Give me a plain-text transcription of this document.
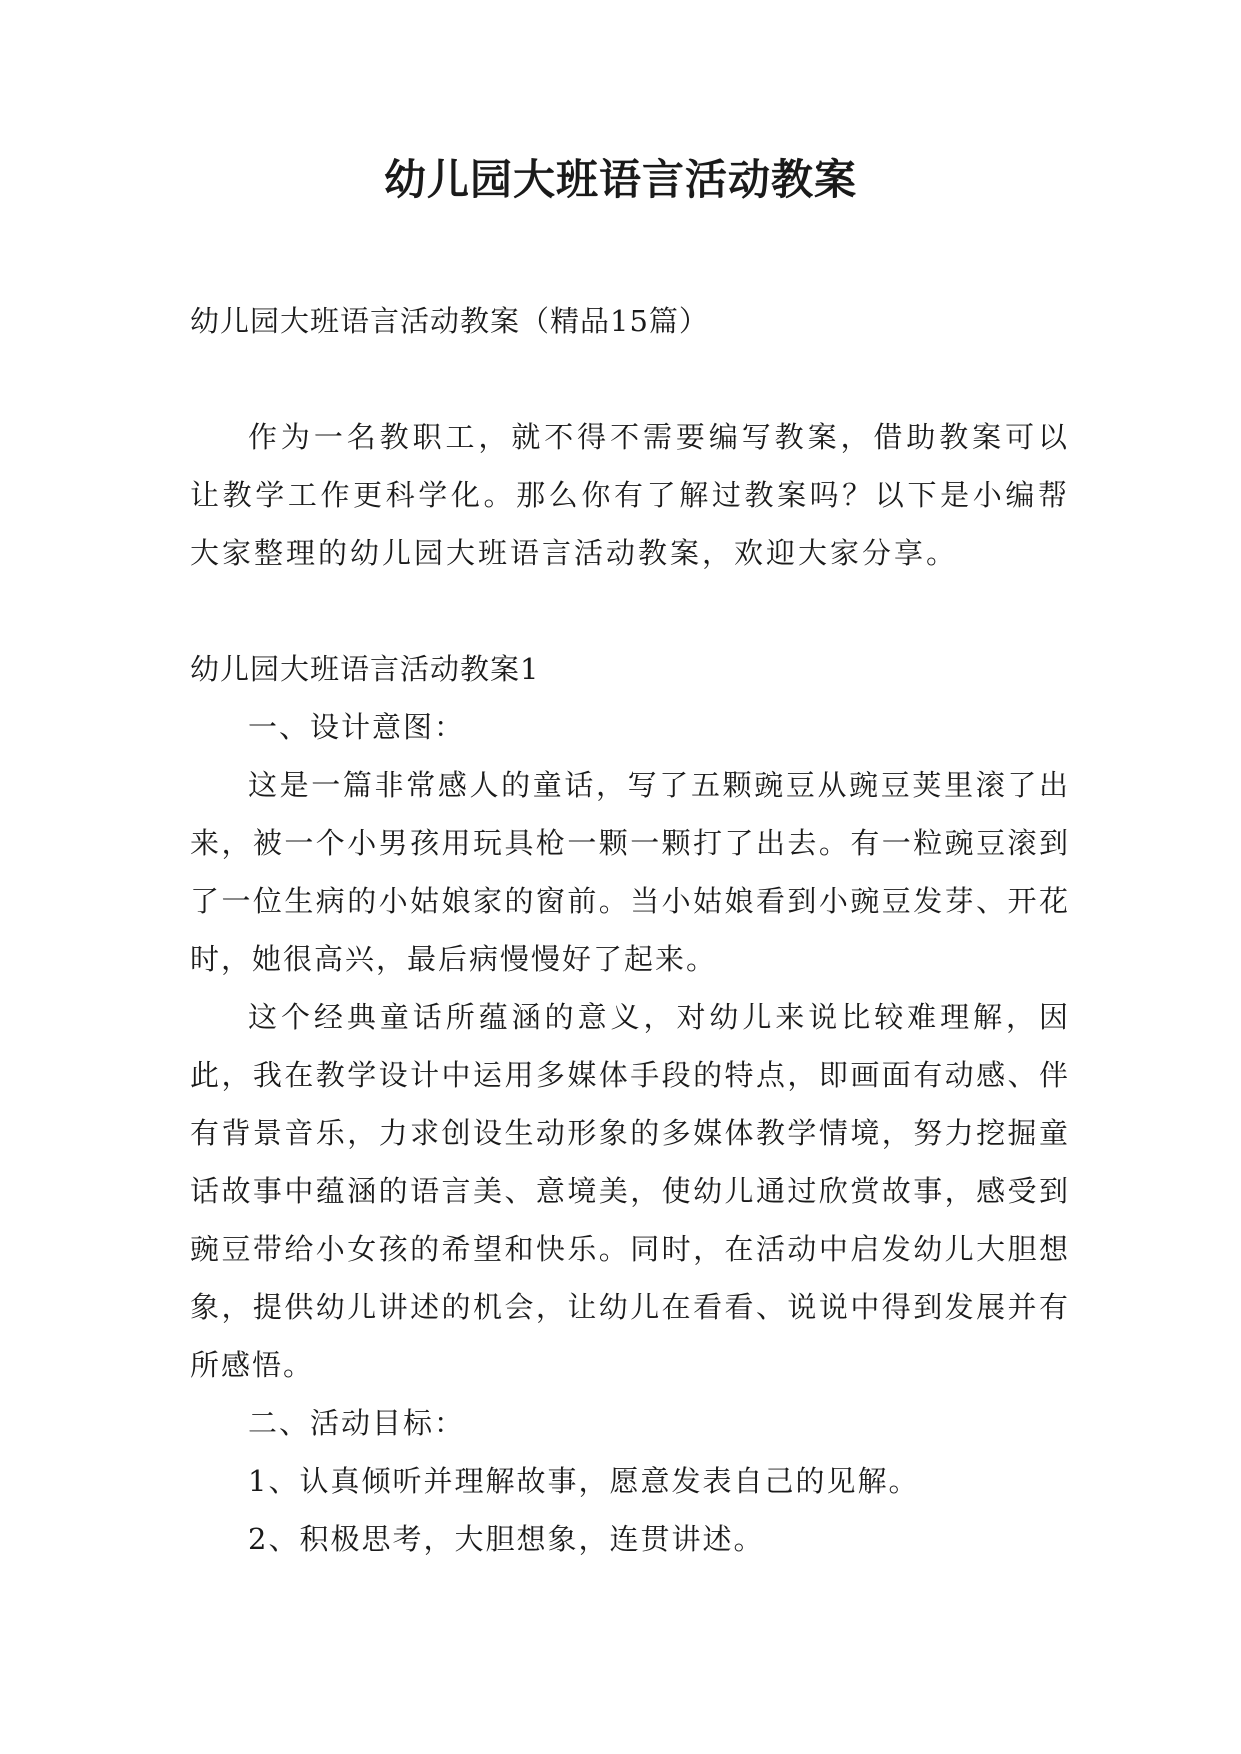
幼儿园大班语言活动教案

幼儿园大班语言活动教案（精品15篇）

作为一名教职工，就不得不需要编写教案，借助教案可以让教学工作更科学化。那么你有了解过教案吗？以下是小编帮大家整理的幼儿园大班语言活动教案，欢迎大家分享。

幼儿园大班语言活动教案1

一、设计意图：

这是一篇非常感人的童话，写了五颗豌豆从豌豆荚里滚了出来，被一个小男孩用玩具枪一颗一颗打了出去。有一粒豌豆滚到了一位生病的小姑娘家的窗前。当小姑娘看到小豌豆发芽、开花时，她很高兴，最后病慢慢好了起来。

这个经典童话所蕴涵的意义，对幼儿来说比较难理解，因此，我在教学设计中运用多媒体手段的特点，即画面有动感、伴有背景音乐，力求创设生动形象的多媒体教学情境，努力挖掘童话故事中蕴涵的语言美、意境美，使幼儿通过欣赏故事，感受到豌豆带给小女孩的希望和快乐。同时，在活动中启发幼儿大胆想象，提供幼儿讲述的机会，让幼儿在看看、说说中得到发展并有所感悟。

二、活动目标：

1、认真倾听并理解故事，愿意发表自己的见解。

2、积极思考，大胆想象，连贯讲述。
